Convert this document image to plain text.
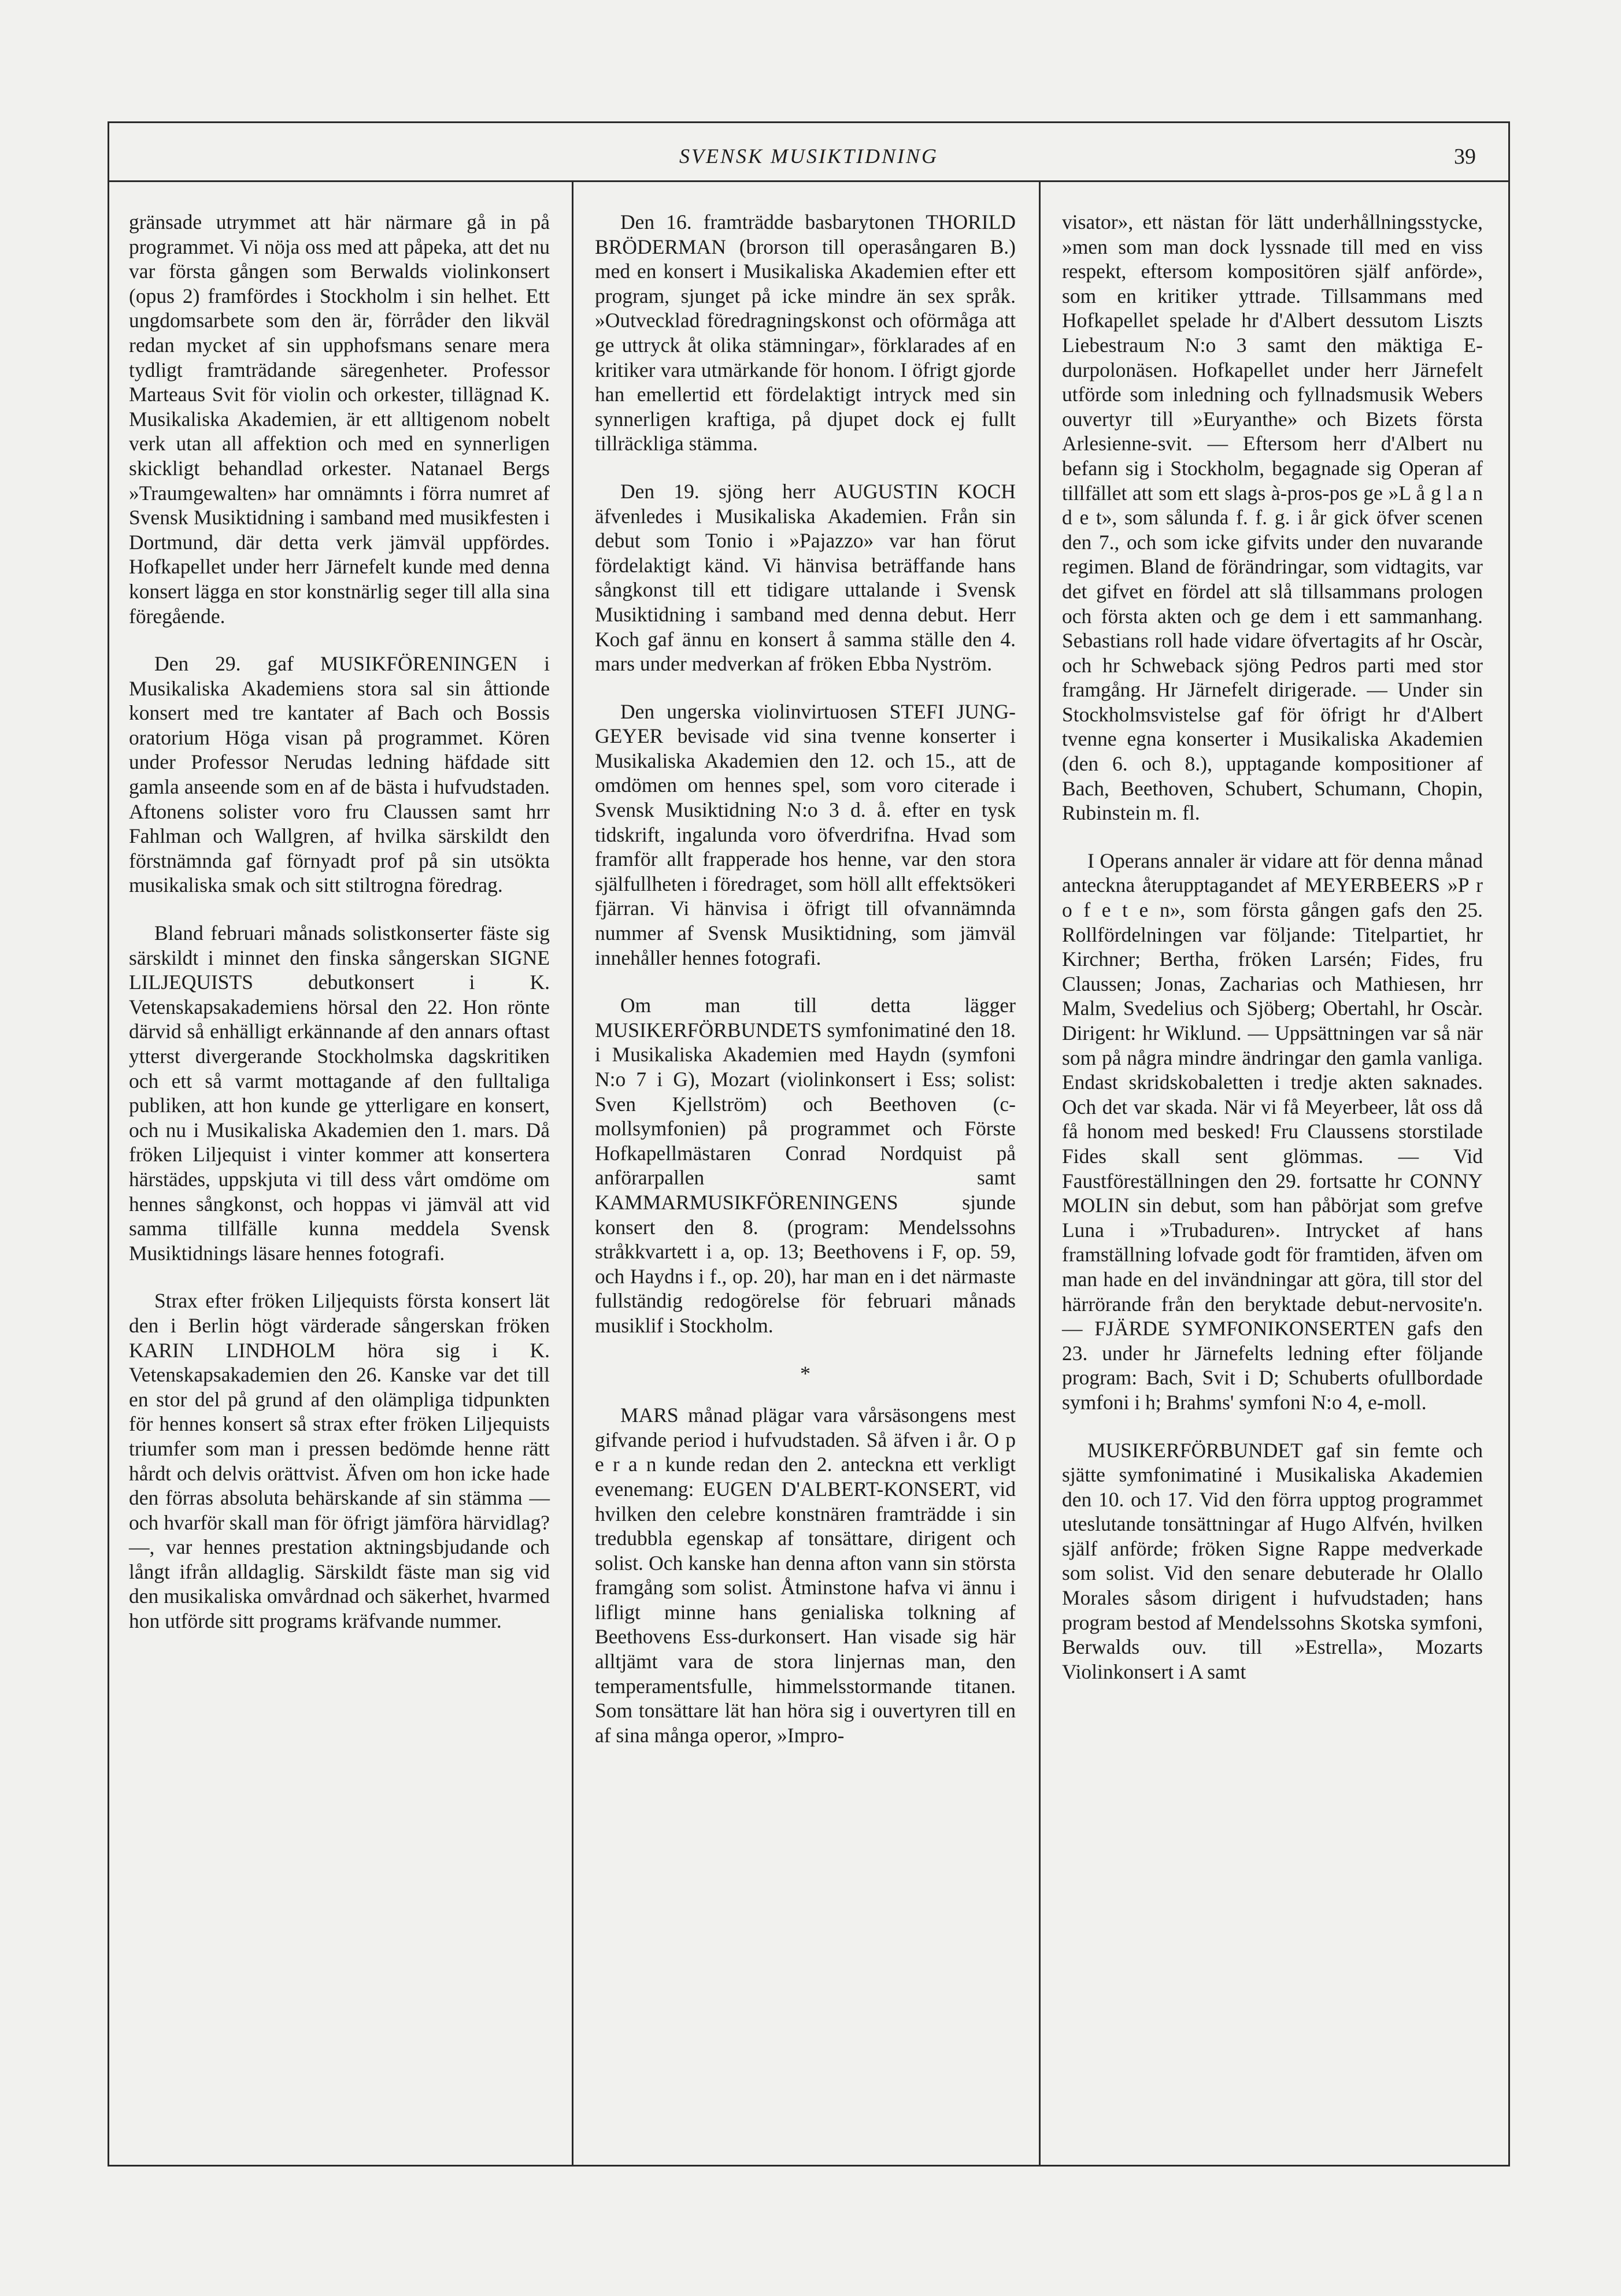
SVENSK MUSIKTIDNING	39

gränsade utrymmet att här närmare gå in på programmet. Vi nöja oss med att påpeka, att det nu var första gången som Berwalds violinkonsert (opus 2) framfördes i Stockholm i sin helhet. Ett ungdomsarbete som den är, förråder den likväl redan mycket af sin upphofsmans senare mera tydligt framträdande säregenheter. Professor Marteaus Svit för violin och orkester, tillägnad K. Musikaliska Akademien, är ett alltigenom nobelt verk utan all affektion och med en synnerligen skickligt behandlad orkester. Natanael Bergs »Traumgewalten» har omnämnts i förra numret af Svensk Musiktidning i samband med musikfesten i Dortmund, där detta verk jämväl uppfördes. Hofkapellet under herr Järnefelt kunde med denna konsert lägga en stor konstnärlig seger till alla sina föregående.

Den 29. gaf MUSIKFÖRENINGEN i Musikaliska Akademiens stora sal sin åttionde konsert med tre kantater af Bach och Bossis oratorium Höga visan på programmet. Kören under Professor Nerudas ledning häfdade sitt gamla anseende som en af de bästa i hufvudstaden. Aftonens solister voro fru Claussen samt hrr Fahlman och Wallgren, af hvilka särskildt den förstnämnda gaf förnyadt prof på sin utsökta musikaliska smak och sitt stiltrogna föredrag.

Bland februari månads solistkonserter fäste sig särskildt i minnet den finska sångerskan SIGNE LILJEQUISTS debutkonsert i K. Vetenskapsakademiens hörsal den 22. Hon rönte därvid så enhälligt erkännande af den annars oftast ytterst divergerande Stockholmska dagskritiken och ett så varmt mottagande af den fulltaliga publiken, att hon kunde ge ytterligare en konsert, och nu i Musikaliska Akademien den 1. mars. Då fröken Liljequist i vinter kommer att konsertera härstädes, uppskjuta vi till dess vårt omdöme om hennes sångkonst, och hoppas vi jämväl att vid samma tillfälle kunna meddela Svensk Musiktidnings läsare hennes fotografi.

Strax efter fröken Liljequists första konsert lät den i Berlin högt värderade sångerskan fröken KARIN LINDHOLM höra sig i K. Vetenskapsakademien den 26. Kanske var det till en stor del på grund af den olämpliga tidpunkten för hennes konsert så strax efter fröken Liljequists triumfer som man i pressen bedömde henne rätt hårdt och delvis orättvist. Äfven om hon icke hade den förras absoluta behärskande af sin stämma — och hvarför skall man för öfrigt jämföra härvidlag? —, var hennes prestation aktningsbjudande och långt ifrån alldaglig. Särskildt fäste man sig vid den musikaliska omvårdnad och säkerhet, hvarmed hon utförde sitt programs kräfvande nummer.

Den 16. framträdde basbarytonen THORILD BRÖDERMAN (brorson till operasångaren B.) med en konsert i Musikaliska Akademien efter ett program, sjunget på icke mindre än sex språk. »Outvecklad föredragningskonst och oförmåga att ge uttryck åt olika stämningar», förklarades af en kritiker vara utmärkande för honom. I öfrigt gjorde han emellertid ett fördelaktigt intryck med sin synnerligen kraftiga, på djupet dock ej fullt tillräckliga stämma.

Den 19. sjöng herr AUGUSTIN KOCH äfvenledes i Musikaliska Akademien. Från sin debut som Tonio i »Pajazzo» var han förut fördelaktigt känd. Vi hänvisa beträffande hans sångkonst till ett tidigare uttalande i Svensk Musiktidning i samband med denna debut. Herr Koch gaf ännu en konsert å samma ställe den 4. mars under medverkan af fröken Ebba Nyström.

Den ungerska violinvirtuosen STEFI JUNG-GEYER bevisade vid sina tvenne konserter i Musikaliska Akademien den 12. och 15., att de omdömen om hennes spel, som voro citerade i Svensk Musiktidning N:o 3 d. å. efter en tysk tidskrift, ingalunda voro öfverdrifna. Hvad som framför allt frapperade hos henne, var den stora själfullheten i föredraget, som höll allt effektsökeri fjärran. Vi hänvisa i öfrigt till ofvannämnda nummer af Svensk Musiktidning, som jämväl innehåller hennes fotografi.

Om man till detta lägger MUSIKERFÖRBUNDETS symfonimatiné den 18. i Musikaliska Akademien med Haydn (symfoni N:o 7 i G), Mozart (violinkonsert i Ess; solist: Sven Kjellström) och Beethoven (c-mollsymfonien) på programmet och Förste Hofkapellmästaren Conrad Nordquist på anförarpallen samt KAMMARMUSIKFÖRENINGENS sjunde konsert den 8. (program: Mendelssohns stråkkvartett i a, op. 13; Beethovens i F, op. 59, och Haydns i f., op. 20), har man en i det närmaste fullständig redogörelse för februari månads musiklif i Stockholm.

*

MARS månad plägar vara vårsäsongens mest gifvande period i hufvudstaden. Så äfven i år. O p e r a n kunde redan den 2. anteckna ett verkligt evenemang: EUGEN D'ALBERT-KONSERT, vid hvilken den celebre konstnären framträdde i sin tredubbla egenskap af tonsättare, dirigent och solist. Och kanske han denna afton vann sin största framgång som solist. Åtminstone hafva vi ännu i lifligt minne hans genialiska tolkning af Beethovens Ess-durkonsert. Han visade sig här alltjämt vara de stora linjernas man, den temperamentsfulle, himmelsstormande titanen. Som tonsättare lät han höra sig i ouvertyren till en af sina många operor, »Impro-

visator», ett nästan för lätt underhållningsstycke, »men som man dock lyssnade till med en viss respekt, eftersom kompositören själf anförde», som en kritiker yttrade. Tillsammans med Hofkapellet spelade hr d'Albert dessutom Liszts Liebestraum N:o 3 samt den mäktiga E-durpolonäsen. Hofkapellet under herr Järnefelt utförde som inledning och fyllnadsmusik Webers ouvertyr till »Euryanthe» och Bizets första Arlesienne-svit. — Eftersom herr d'Albert nu befann sig i Stockholm, begagnade sig Operan af tillfället att som ett slags à-pros-pos ge »L å g l a n d e t», som sålunda f. f. g. i år gick öfver scenen den 7., och som icke gifvits under den nuvarande regimen. Bland de förändringar, som vidtagits, var det gifvet en fördel att slå tillsammans prologen och första akten och ge dem i ett sammanhang. Sebastians roll hade vidare öfvertagits af hr Oscàr, och hr Schweback sjöng Pedros parti med stor framgång. Hr Järnefelt dirigerade. — Under sin Stockholmsvistelse gaf för öfrigt hr d'Albert tvenne egna konserter i Musikaliska Akademien (den 6. och 8.), upptagande kompositioner af Bach, Beethoven, Schubert, Schumann, Chopin, Rubinstein m. fl.

I Operans annaler är vidare att för denna månad anteckna återupptagandet af MEYERBEERS »P r o f e t e n», som första gången gafs den 25. Rollfördelningen var följande: Titelpartiet, hr Kirchner; Bertha, fröken Larsén; Fides, fru Claussen; Jonas, Zacharias och Mathiesen, hrr Malm, Svedelius och Sjöberg; Obertahl, hr Oscàr. Dirigent: hr Wiklund. — Uppsättningen var så när som på några mindre ändringar den gamla vanliga. Endast skridskobaletten i tredje akten saknades. Och det var skada. När vi få Meyerbeer, låt oss då få honom med besked! Fru Claussens storstilade Fides skall sent glömmas. — Vid Faustföreställningen den 29. fortsatte hr CONNY MOLIN sin debut, som han påbörjat som grefve Luna i »Trubaduren». Intrycket af hans framställning lofvade godt för framtiden, äfven om man hade en del invändningar att göra, till stor del härrörande från den beryktade debut-nervosite'n. — FJÄRDE SYMFONIKONSERTEN gafs den 23. under hr Järnefelts ledning efter följande program: Bach, Svit i D; Schuberts ofullbordade symfoni i h; Brahms' symfoni N:o 4, e-moll.

MUSIKERFÖRBUNDET gaf sin femte och sjätte symfonimatiné i Musikaliska Akademien den 10. och 17. Vid den förra upptog programmet uteslutande tonsättningar af Hugo Alfvén, hvilken själf anförde; fröken Signe Rappe medverkade som solist. Vid den senare debuterade hr Olallo Morales såsom dirigent i hufvudstaden; hans program bestod af Mendelssohns Skotska symfoni, Berwalds ouv. till »Estrella», Mozarts Violinkonsert i A samt
